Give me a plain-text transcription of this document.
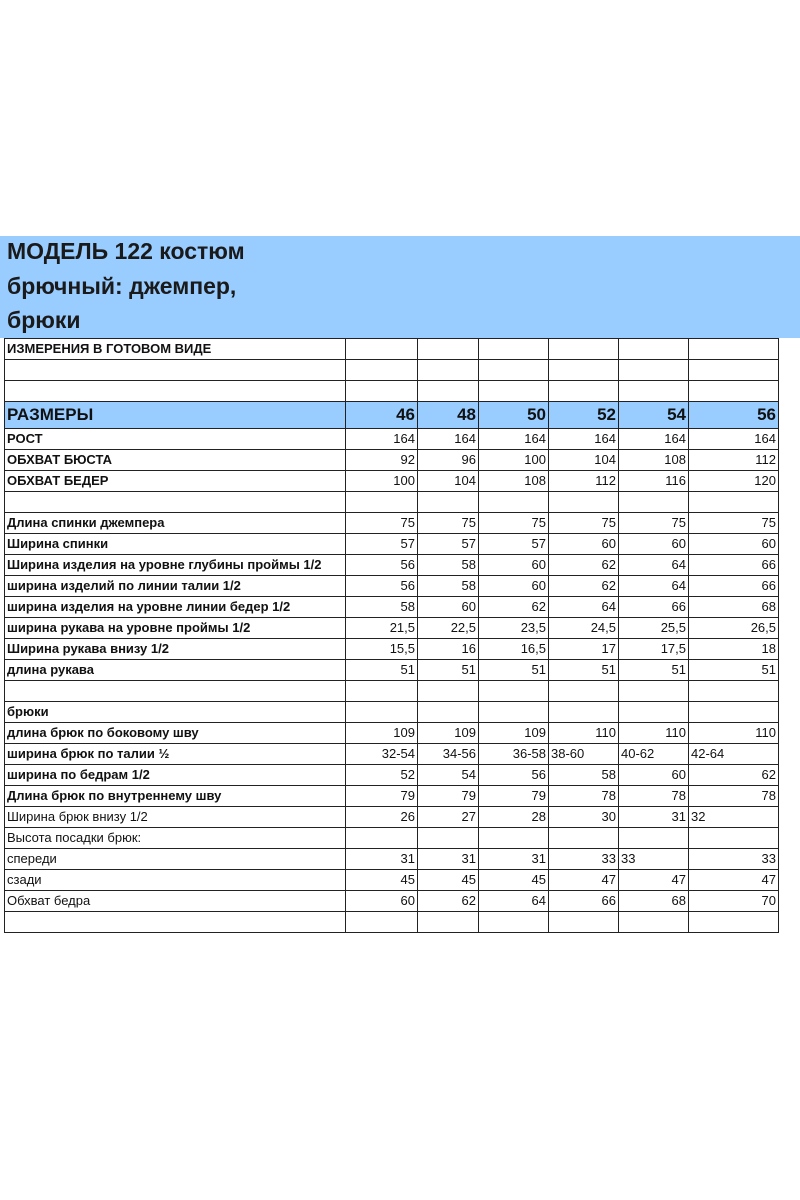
МОДЕЛЬ 122 костюм
брючный: джемпер,
брюки
ИЗМЕРЕНИЯ В ГОТОВОМ ВИДЕ						

РАЗМЕРЫ	46	48	50	52	54	56
РОСТ	164	164	164	164	164	164
ОБХВАТ БЮСТА	92	96	100	104	108	112
ОБХВАТ БЕДЕР	100	104	108	112	116	120

Длина спинки джемпера	75	75	75	75	75	75
Ширина спинки	57	57	57	60	60	60
Ширина изделия на уровне глубины проймы 1/2	56	58	60	62	64	66
ширина изделий по линии талии 1/2	56	58	60	62	64	66
ширина изделия на уровне линии бедер 1/2	58	60	62	64	66	68
ширина рукава на уровне проймы 1/2	21,5	22,5	23,5	24,5	25,5	26,5
Ширина рукава внизу 1/2	15,5	16	16,5	17	17,5	18
длина рукава	51	51	51	51	51	51

брюки						
длина брюк по боковому шву	109	109	109	110	110	110
ширина брюк по талии ½	32-54	34-56	36-58	38-60	40-62	42-64
ширина по бедрам 1/2	52	54	56	58	60	62
Длина брюк по внутреннему шву	79	79	79	78	78	78
Ширина брюк внизу 1/2	26	27	28	30	31	32
Высота посадки брюк:						
спереди	31	31	31	33	33	33
сзади	45	45	45	47	47	47
Обхват бедра	60	62	64	66	68	70
